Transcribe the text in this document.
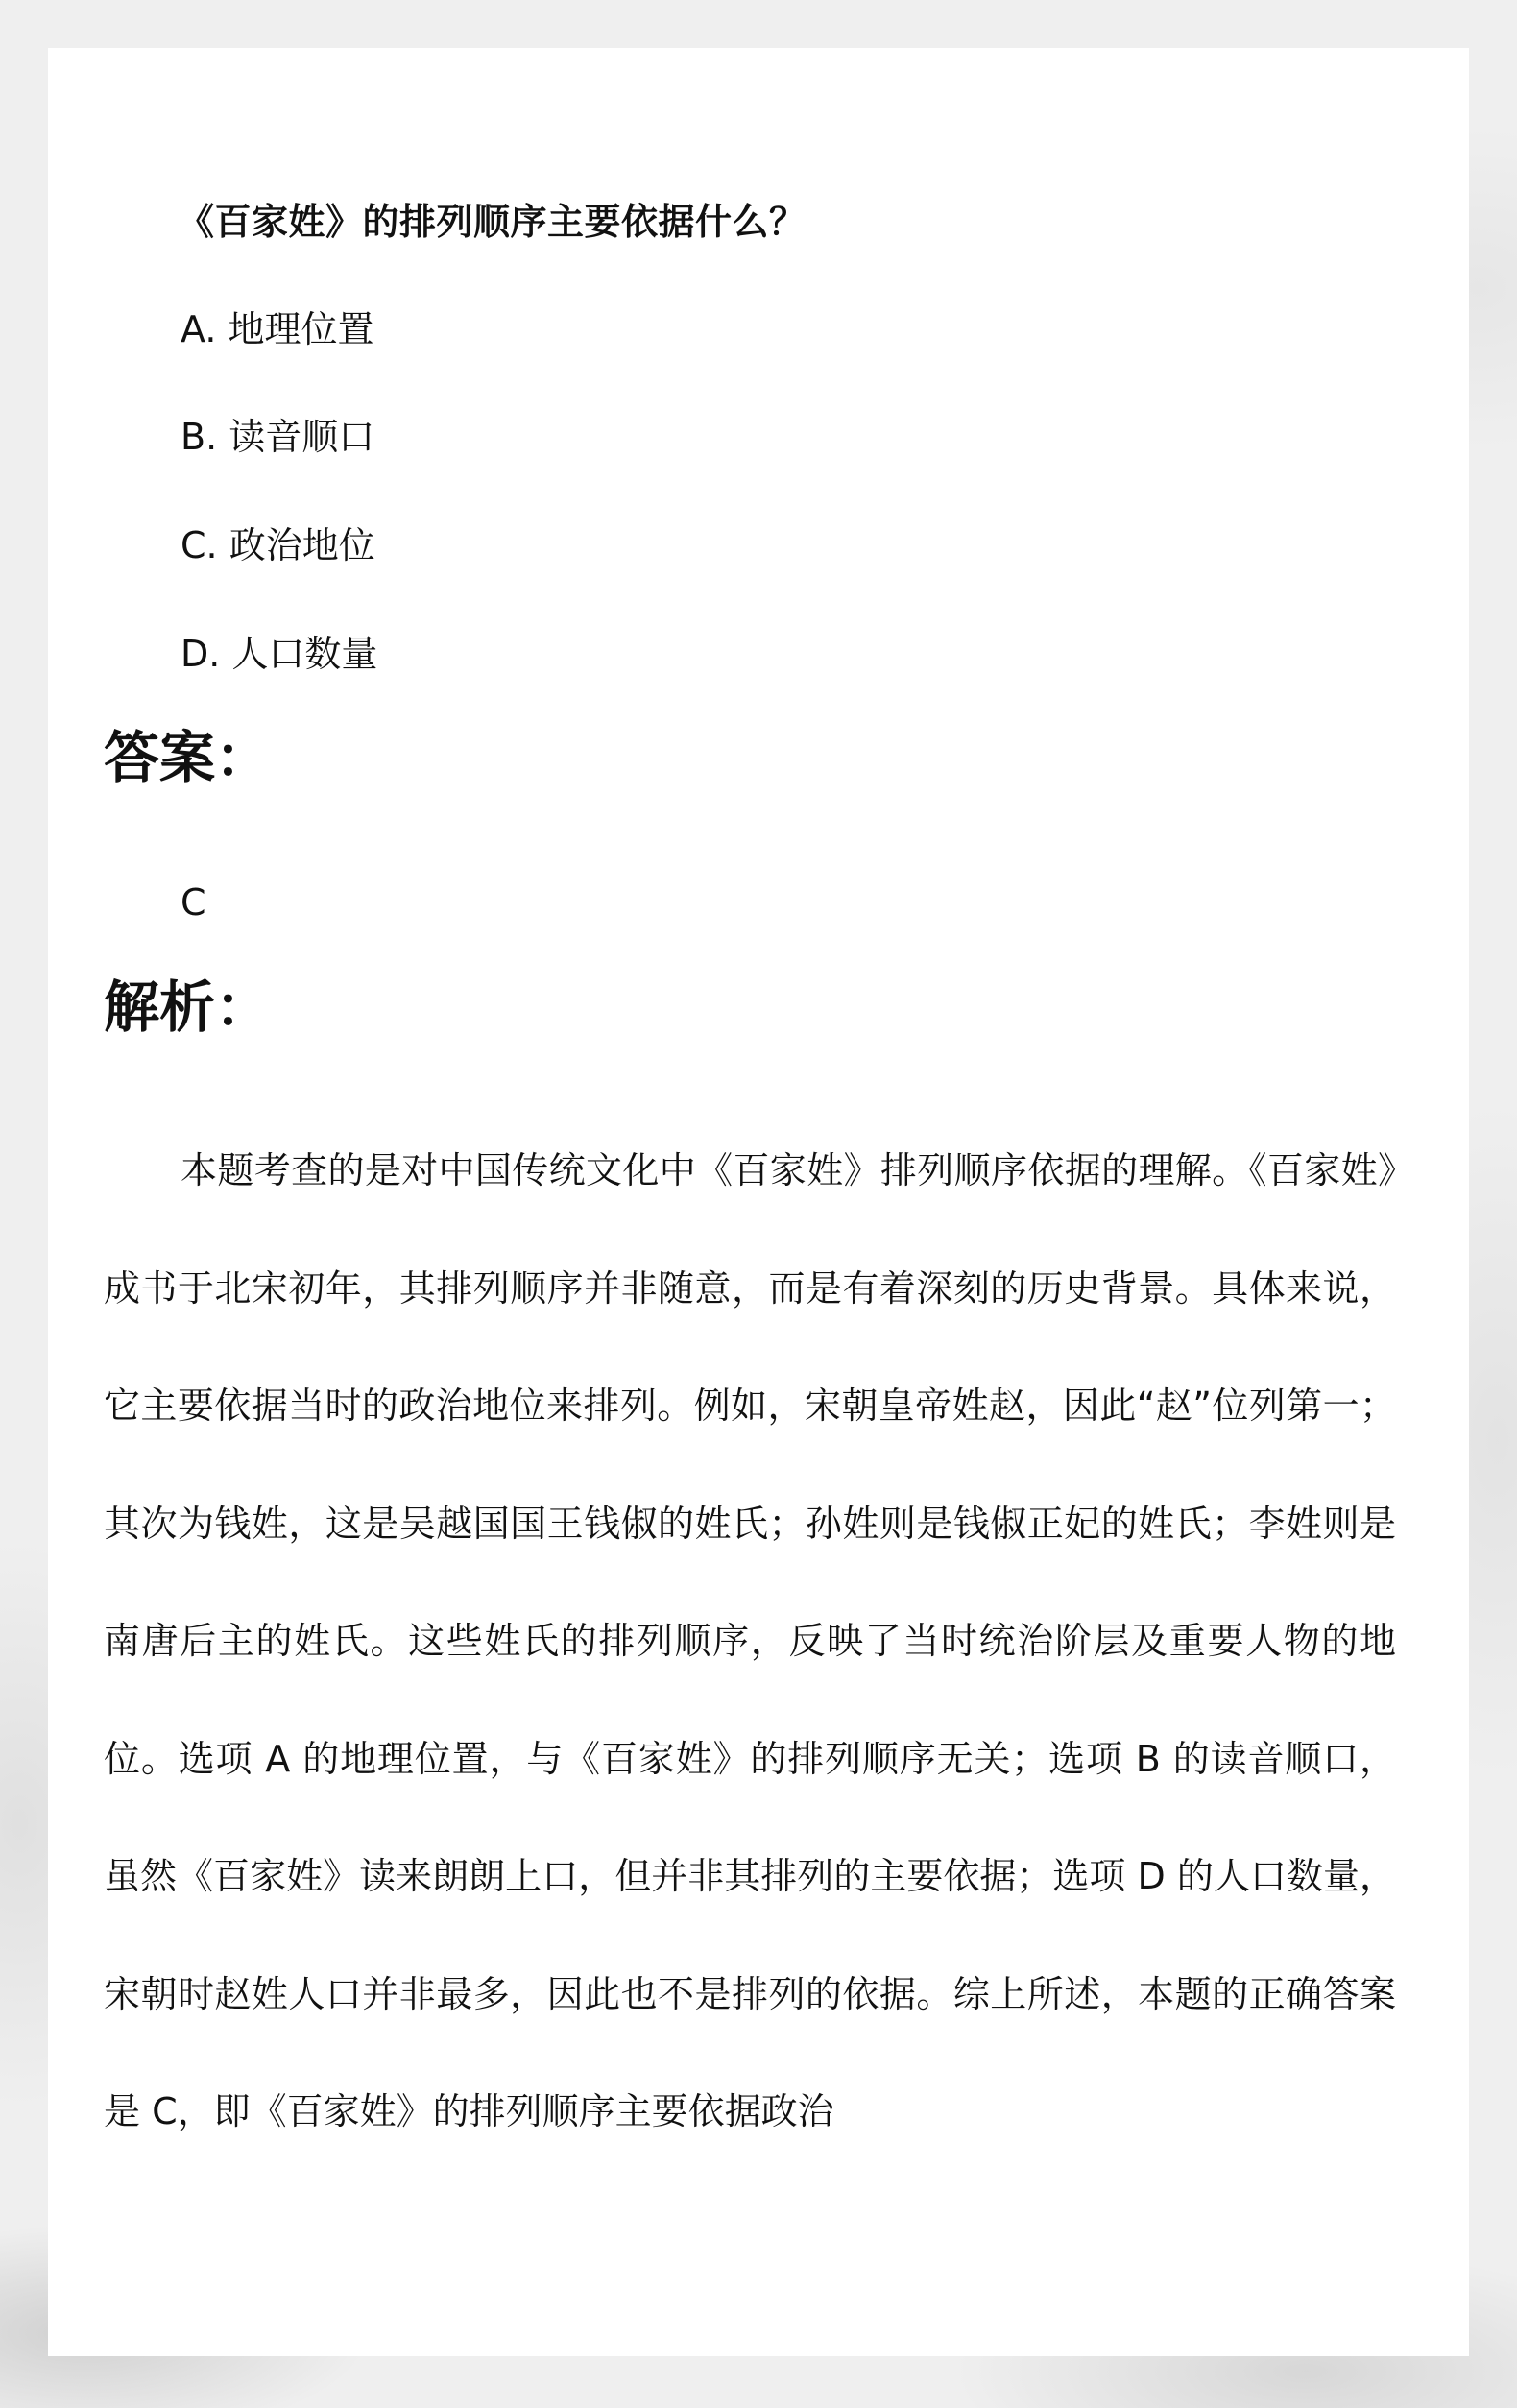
《百家姓》的排列顺序主要依据什么？
A. 地理位置
B. 读音顺口
C. 政治地位
D. 人口数量
答案：
C
解析：

本题考查的是对中国传统文化中《百家姓》排列顺序依据的理解。《百家姓》成书于北宋初年，其排列顺序并非随意，而是有着深刻的历史背景。具体来说，它主要依据当时的政治地位来排列。例如，宋朝皇帝姓赵，因此“赵”位列第一；其次为钱姓，这是吴越国国王钱俶的姓氏；孙姓则是钱俶正妃的姓氏；李姓则是南唐后主的姓氏。这些姓氏的排列顺序，反映了当时统治阶层及重要人物的地位。选项 A 的地理位置，与《百家姓》的排列顺序无关；选项 B 的读音顺口，虽然《百家姓》读来朗朗上口，但并非其排列的主要依据；选项 D 的人口数量，宋朝时赵姓人口并非最多，因此也不是排列的依据。综上所述，本题的正确答案是 C，即《百家姓》的排列顺序主要依据政治
